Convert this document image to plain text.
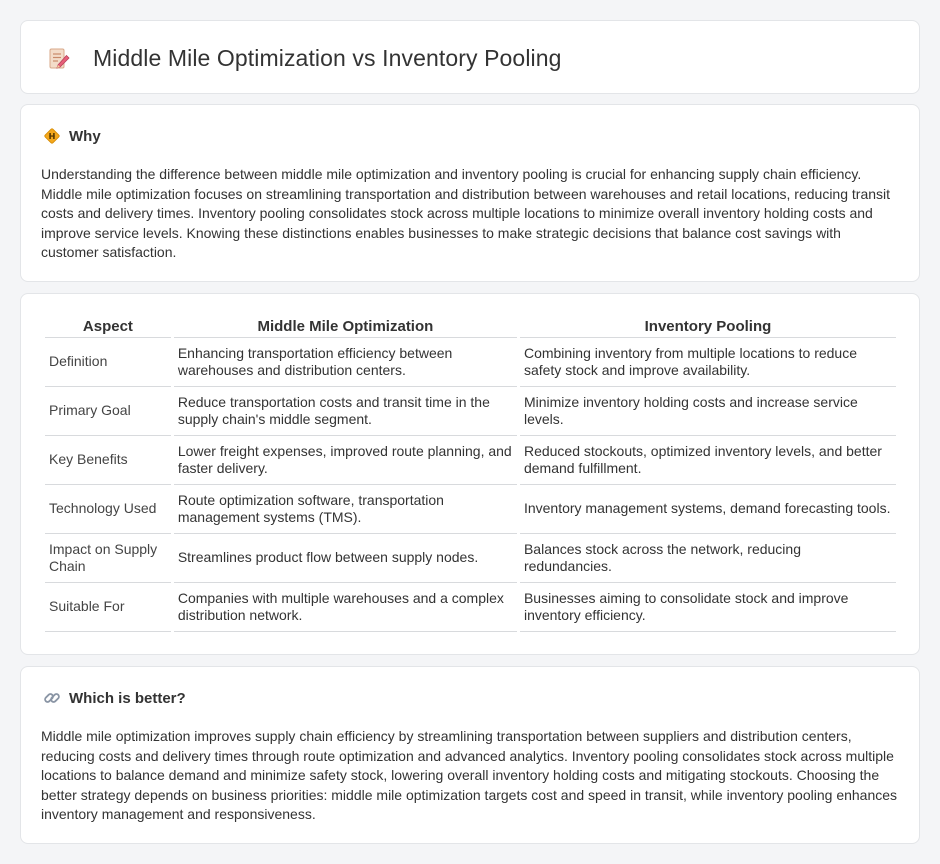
Middle Mile Optimization vs Inventory Pooling
Why

Understanding the difference between middle mile optimization and inventory pooling is crucial for enhancing supply chain efficiency. Middle mile optimization focuses on streamlining transportation and distribution between warehouses and retail locations, reducing transit costs and delivery times. Inventory pooling consolidates stock across multiple locations to minimize overall inventory holding costs and improve service levels. Knowing these distinctions enables businesses to make strategic decisions that balance cost savings with customer satisfaction.

Aspect	Middle Mile Optimization	Inventory Pooling
Definition	Enhancing transportation efficiency between warehouses and distribution centers.	Combining inventory from multiple locations to reduce safety stock and improve availability.
Primary Goal	Reduce transportation costs and transit time in the supply chain's middle segment.	Minimize inventory holding costs and increase service levels.
Key Benefits	Lower freight expenses, improved route planning, and faster delivery.	Reduced stockouts, optimized inventory levels, and better demand fulfillment.
Technology Used	Route optimization software, transportation management systems (TMS).	Inventory management systems, demand forecasting tools.
Impact on Supply Chain	Streamlines product flow between supply nodes.	Balances stock across the network, reducing redundancies.
Suitable For	Companies with multiple warehouses and a complex distribution network.	Businesses aiming to consolidate stock and improve inventory efficiency.
Which is better?

Middle mile optimization improves supply chain efficiency by streamlining transportation between suppliers and distribution centers, reducing costs and delivery times through route optimization and advanced analytics. Inventory pooling consolidates stock across multiple locations to balance demand and minimize safety stock, lowering overall inventory holding costs and mitigating stockouts. Choosing the better strategy depends on business priorities: middle mile optimization targets cost and speed in transit, while inventory pooling enhances inventory management and responsiveness.
